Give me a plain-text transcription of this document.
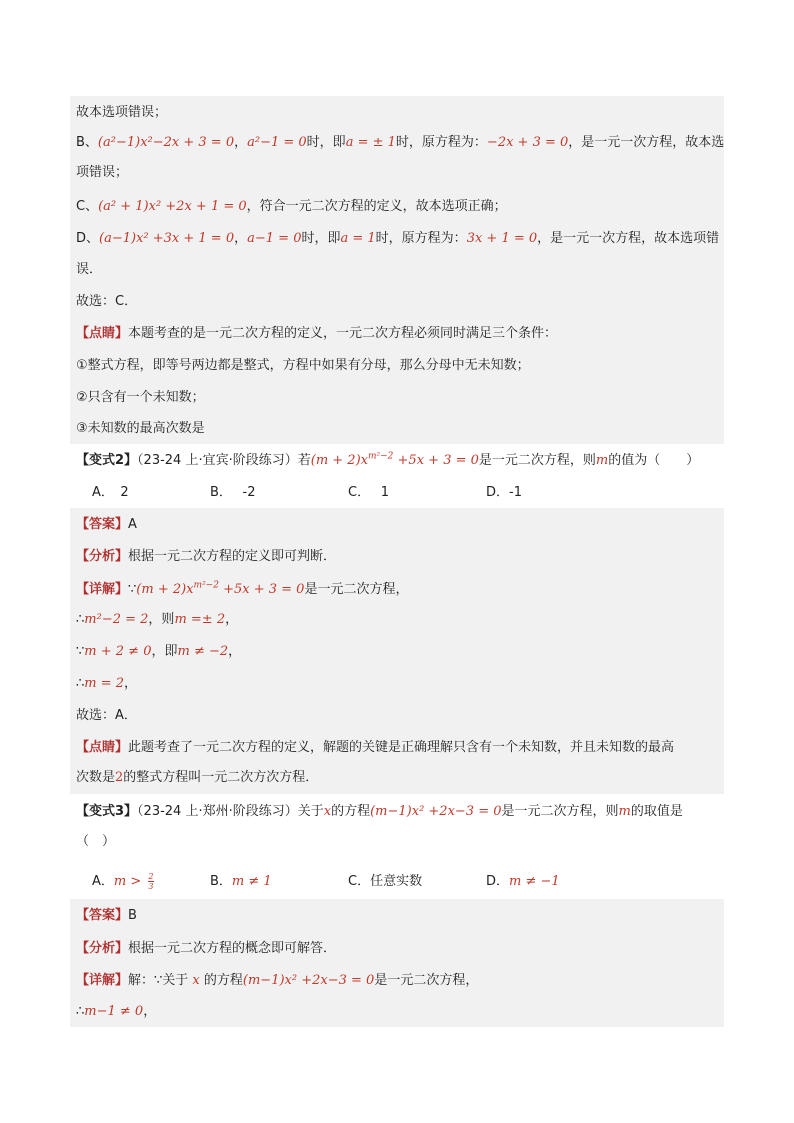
故本选项错误；
B、(a²−1)x²−2x + 3 = 0，a²−1 = 0时，即a = ± 1时，原方程为：−2x + 3 = 0，是一元一次方程，故本选
项错误；
C、(a² + 1)x² +2x + 1 = 0，符合一元二次方程的定义，故本选项正确；
D、(a−1)x² +3x + 1 = 0，a−1 = 0时，即a = 1时，原方程为：3x + 1 = 0，是一元一次方程，故本选项错
误．
故选：C．
【点睛】本题考查的是一元二次方程的定义，一元二次方程必须同时满足三个条件：
①整式方程，即等号两边都是整式，方程中如果有分母，那么分母中无未知数；
②只含有一个未知数；
③未知数的最高次数是
【变式2】（23-24 上·宜宾·阶段练习）若$(m + 2)x^{m^2-2} +5x + 3 = 0$是一元二次方程，则m的值为（　　）
A．　2	B．　 -2	C．　 1	D．-1
【答案】A
【分析】根据一元二次方程的定义即可判断．
【详解】∵(m + $2)x^{m^2-2} +5x + 3 = 0$是一元二次方程，
∴m²−2 = 2，则m =± 2，
∵m + 2 ≠ 0，即m ≠ −2，
∴m = 2，
故选：A．
【点睛】此题考查了一元二次方程的定义，解题的关键是正确理解只含有一个未知数，并且未知数的最高
次数是2的整式方程叫一元二次方次方程．
【变式3】（23-24 上·郑州·阶段练习）关于x的方程(m−1)x² +2x−3 = 0是一元二次方程，则m的取值是
（　）
A．$m > \frac{2}{3}$	B．m ≠ 1	C．任意实数	D．m ≠ −1
【答案】B
【分析】根据一元二次方程的概念即可解答．
【详解】解：∵关于 x 的方程(m−1)x² +2x−3 = 0是一元二次方程，
∴m−1 ≠ 0，
